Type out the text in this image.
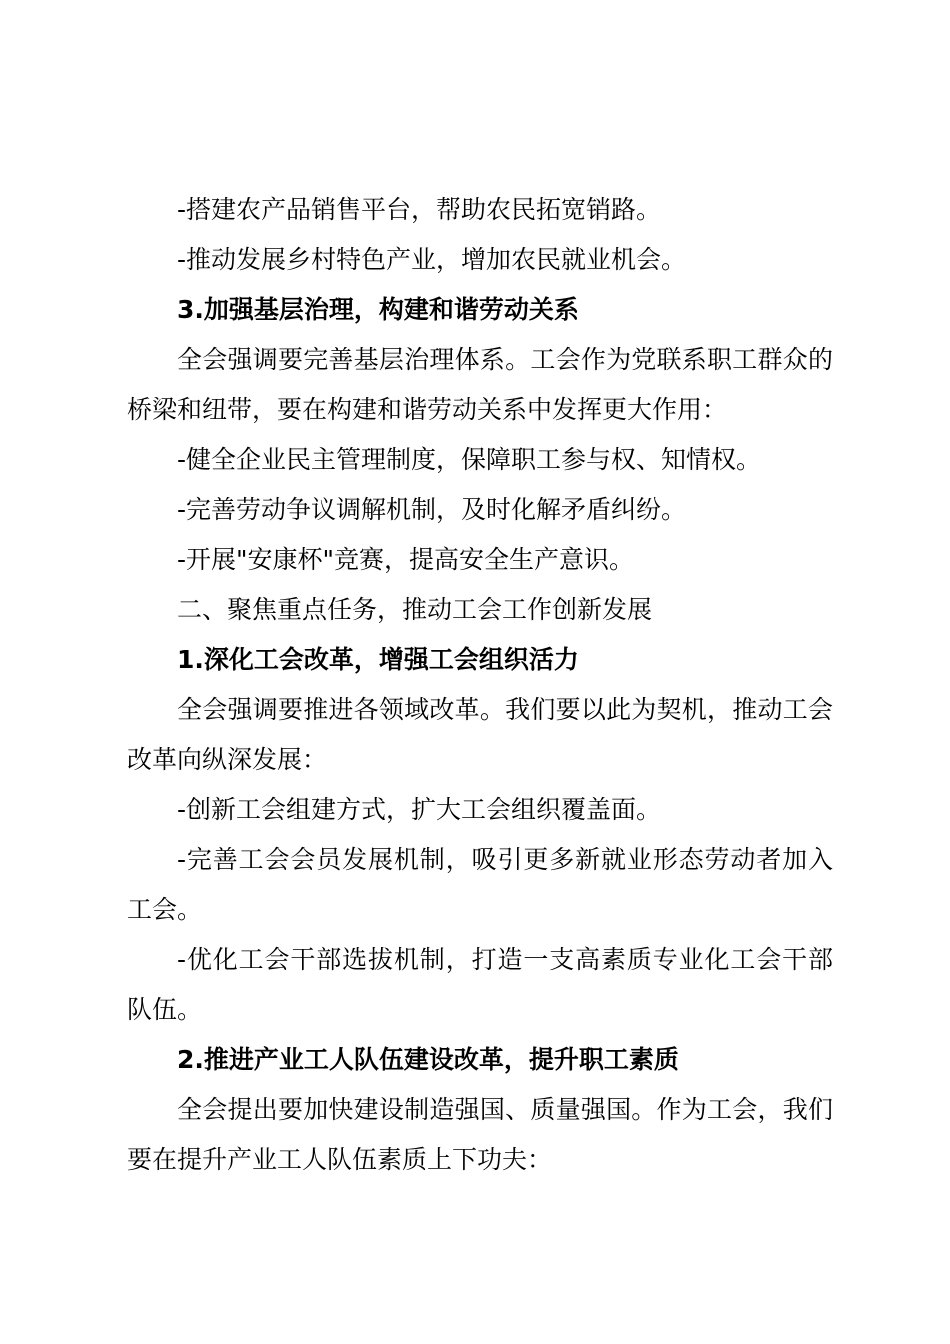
-搭建农产品销售平台，帮助农民拓宽销路。

-推动发展乡村特色产业，增加农民就业机会。

3.加强基层治理，构建和谐劳动关系

全会强调要完善基层治理体系。工会作为党联系职工群众的桥梁和纽带，要在构建和谐劳动关系中发挥更大作用：

-健全企业民主管理制度，保障职工参与权、知情权。

-完善劳动争议调解机制，及时化解矛盾纠纷。

-开展"安康杯"竞赛，提高安全生产意识。

二、聚焦重点任务，推动工会工作创新发展

1.深化工会改革，增强工会组织活力

全会强调要推进各领域改革。我们要以此为契机，推动工会改革向纵深发展：

-创新工会组建方式，扩大工会组织覆盖面。

-完善工会会员发展机制，吸引更多新就业形态劳动者加入工会。

-优化工会干部选拔机制，打造一支高素质专业化工会干部队伍。

2.推进产业工人队伍建设改革，提升职工素质

全会提出要加快建设制造强国、质量强国。作为工会，我们要在提升产业工人队伍素质上下功夫：
